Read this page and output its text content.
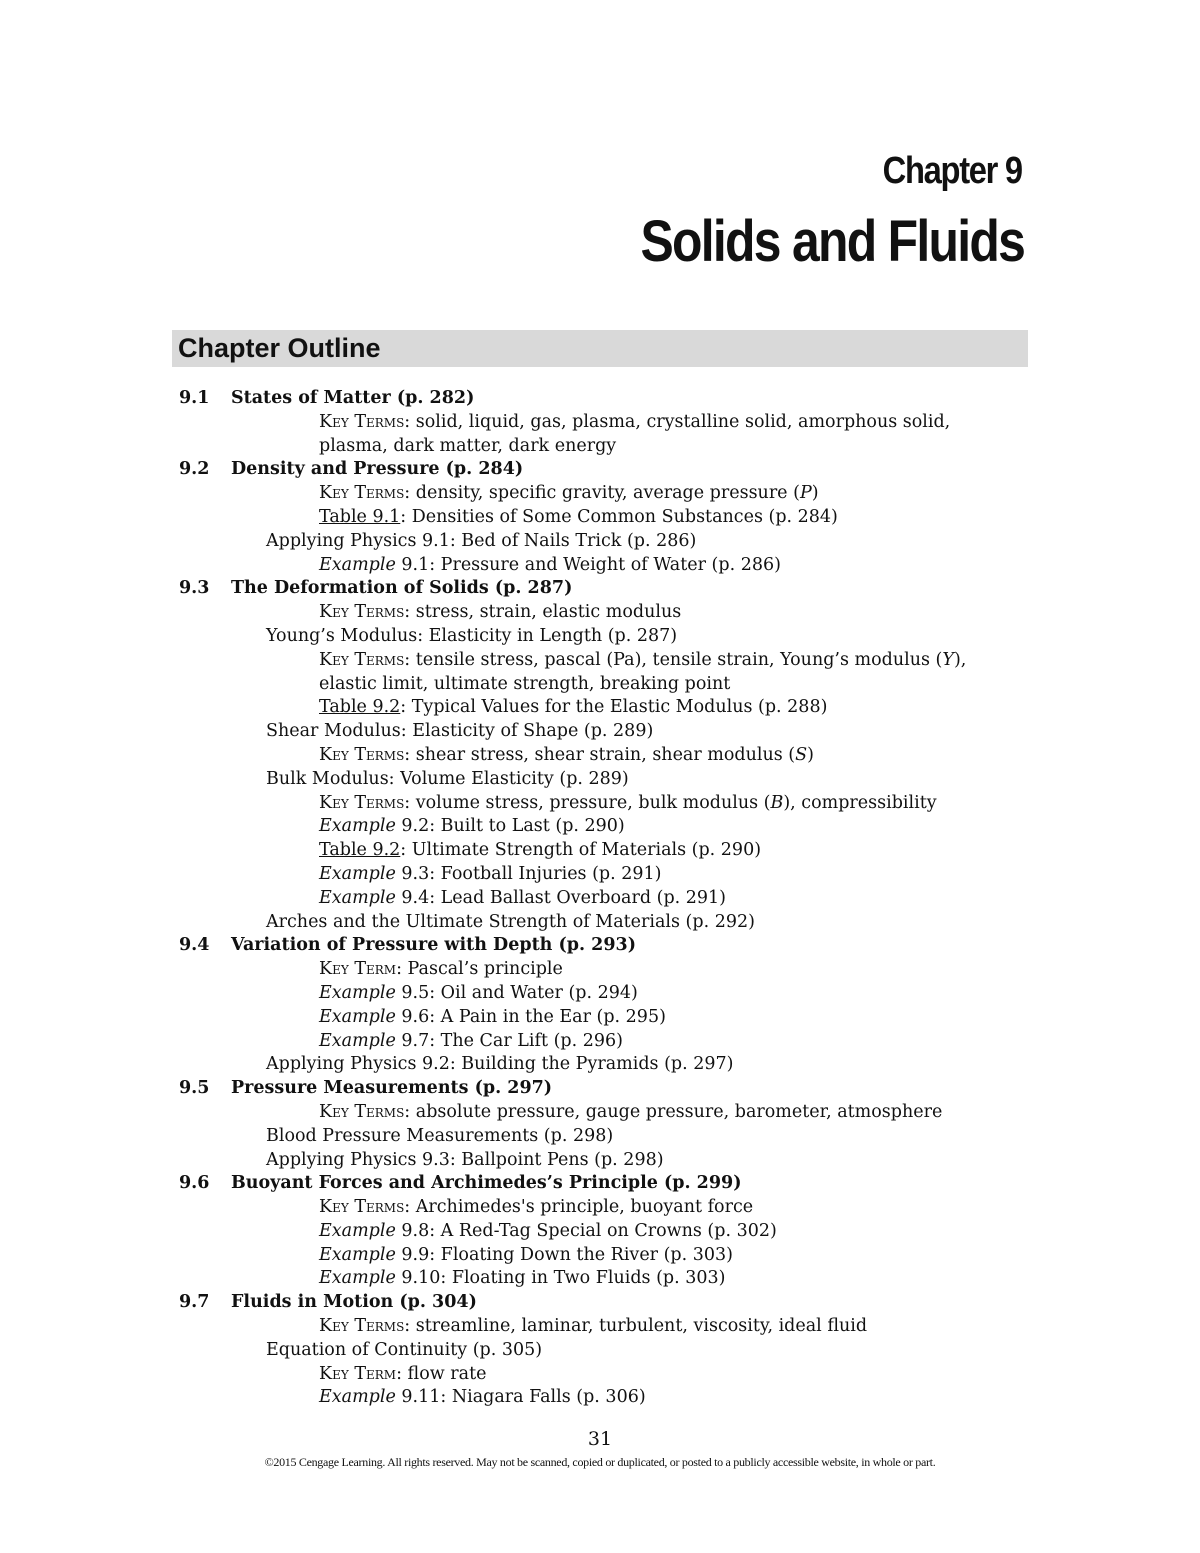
Chapter 9
Solids and Fluids
Chapter Outline
9.1 States of Matter (p. 282)
Key Terms: solid, liquid, gas, plasma, crystalline solid, amorphous solid,
plasma, dark matter, dark energy
9.2 Density and Pressure (p. 284)
Key Terms: density, specific gravity, average pressure (P)
Table 9.1: Densities of Some Common Substances (p. 284)
Applying Physics 9.1: Bed of Nails Trick (p. 286)
Example 9.1: Pressure and Weight of Water (p. 286)
9.3 The Deformation of Solids (p. 287)
Key Terms: stress, strain, elastic modulus
Young’s Modulus: Elasticity in Length (p. 287)
Key Terms: tensile stress, pascal (Pa), tensile strain, Young’s modulus (Y),
elastic limit, ultimate strength, breaking point
Table 9.2: Typical Values for the Elastic Modulus (p. 288)
Shear Modulus: Elasticity of Shape (p. 289)
Key Terms: shear stress, shear strain, shear modulus (S)
Bulk Modulus: Volume Elasticity (p. 289)
Key Terms: volume stress, pressure, bulk modulus (B), compressibility
Example 9.2: Built to Last (p. 290)
Table 9.2: Ultimate Strength of Materials (p. 290)
Example 9.3: Football Injuries (p. 291)
Example 9.4: Lead Ballast Overboard (p. 291)
Arches and the Ultimate Strength of Materials (p. 292)
9.4 Variation of Pressure with Depth (p. 293)
Key Term: Pascal’s principle
Example 9.5: Oil and Water (p. 294)
Example 9.6: A Pain in the Ear (p. 295)
Example 9.7: The Car Lift (p. 296)
Applying Physics 9.2: Building the Pyramids (p. 297)
9.5 Pressure Measurements (p. 297)
Key Terms: absolute pressure, gauge pressure, barometer, atmosphere
Blood Pressure Measurements (p. 298)
Applying Physics 9.3: Ballpoint Pens (p. 298)
9.6 Buoyant Forces and Archimedes’s Principle (p. 299)
Key Terms: Archimedes's principle, buoyant force
Example 9.8: A Red-Tag Special on Crowns (p. 302)
Example 9.9: Floating Down the River (p. 303)
Example 9.10: Floating in Two Fluids (p. 303)
9.7 Fluids in Motion (p. 304)
Key Terms: streamline, laminar, turbulent, viscosity, ideal fluid
Equation of Continuity (p. 305)
Key Term: flow rate
Example 9.11: Niagara Falls (p. 306)
31
©2015 Cengage Learning. All rights reserved. May not be scanned, copied or duplicated, or posted to a publicly accessible website, in whole or part.
